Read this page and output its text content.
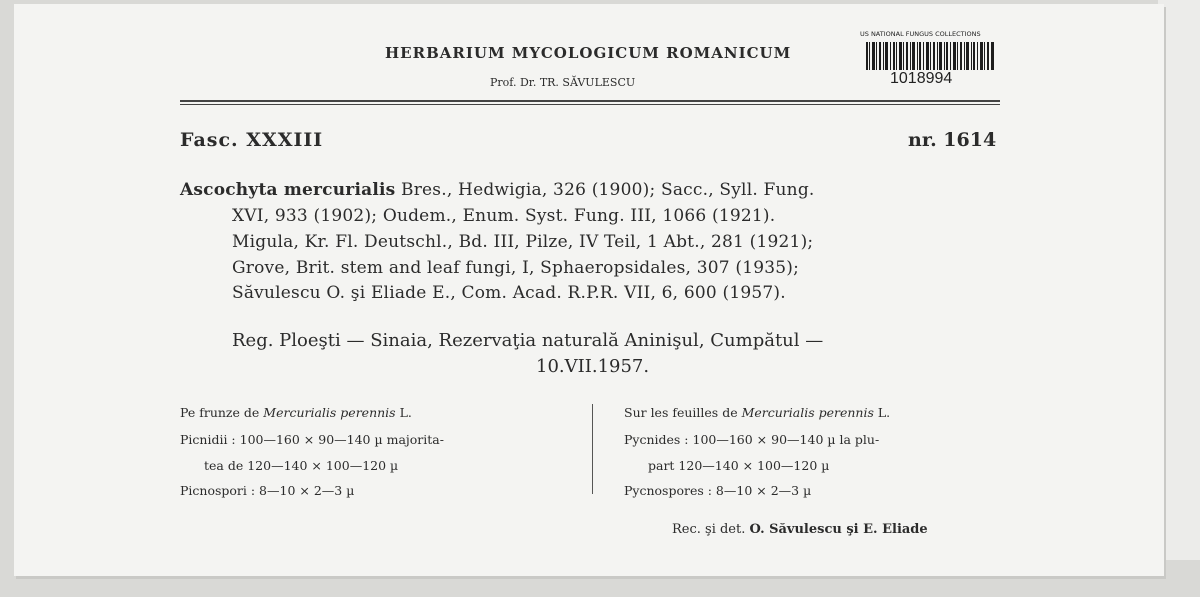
HERBARIUM MYCOLOGICUM ROMANICUM
Prof. Dr. TR. SĂVULESCU
US NATIONAL FUNGUS COLLECTIONS
1018994
Fasc. XXXIII	nr. 1614
Ascochyta mercurialis Bres., Hedwigia, 326 (1900); Sacc., Syll. Fung.
XVI, 933 (1902); Oudem., Enum. Syst. Fung. III, 1066 (1921).
Migula, Kr. Fl. Deutschl., Bd. III, Pilze, IV Teil, 1 Abt., 281 (1921);
Grove, Brit. stem and leaf fungi, I, Sphaeropsidales, 307 (1935);
Săvulescu O. şi Eliade E., Com. Acad. R.P.R. VII, 6, 600 (1957).
Reg. Ploeşti — Sinaia, Rezervaţia naturală Aninişul, Cumpătul —
10.VII.1957.
Pe frunze de Mercurialis perennis L.
Picnidii : 100—160 × 90—140 µ majorita-
tea de 120—140 × 100—120 µ
Picnospori : 8—10 × 2—3 µ
Sur les feuilles de Mercurialis perennis L.
Pycnides : 100—160 × 90—140 µ la plu-
part 120—140 × 100—120 µ
Pycnospores : 8—10 × 2—3 µ
Rec. şi det. O. Săvulescu şi E. Eliade
